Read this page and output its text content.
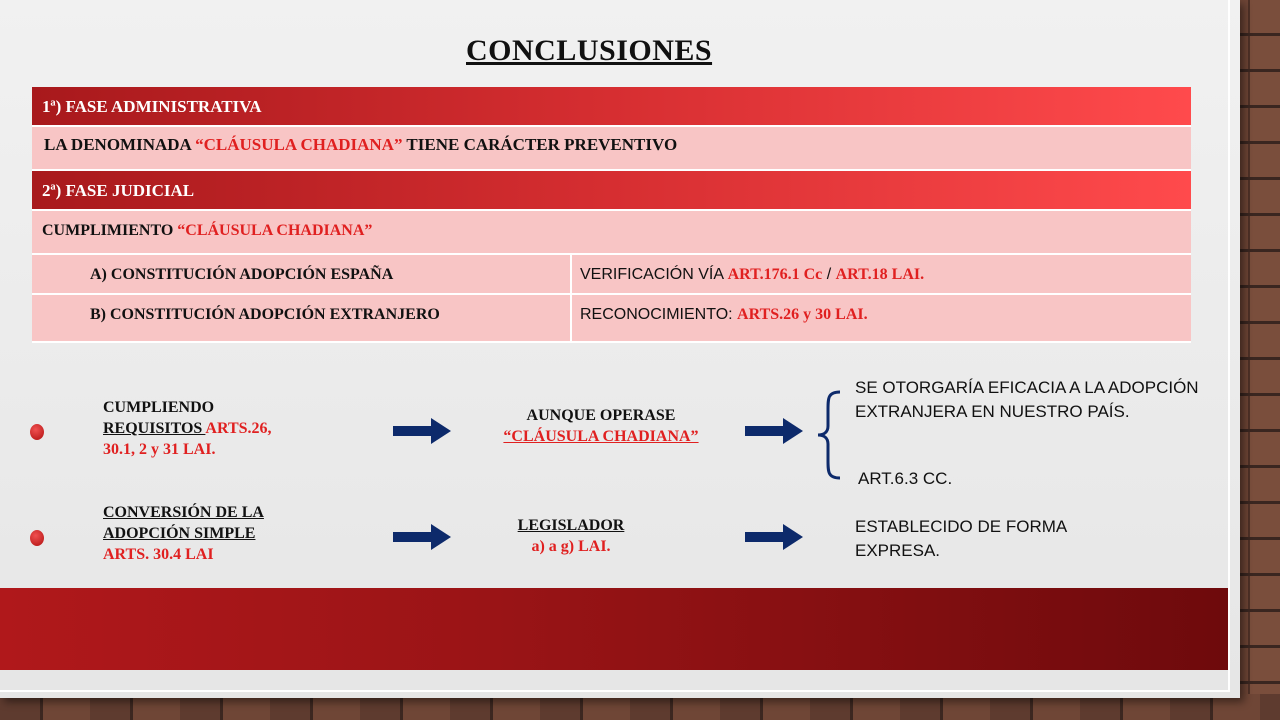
CONCLUSIONES
1ª) FASE ADMINISTRATIVA
LA DENOMINADA “CLÁUSULA CHADIANA” TIENE CARÁCTER PREVENTIVO
2ª) FASE JUDICIAL
CUMPLIMIENTO “CLÁUSULA CHADIANA”
A) CONSTITUCIÓN ADOPCIÓN ESPAÑA	VERIFICACIÓN VÍA ART.176.1 Cc / ART.18 LAI.
B) CONSTITUCIÓN ADOPCIÓN EXTRANJERO	RECONOCIMIENTO: ARTS.26 y 30 LAI.
CUMPLIENDO
REQUISITOS ARTS.26,
30.1, 2 y 31 LAI.
AUNQUE OPERASE
“CLÁUSULA CHADIANA”
SE OTORGARÍA EFICACIA A LA ADOPCIÓN EXTRANJERA EN NUESTRO PAÍS.
ART.6.3 CC.
CONVERSIÓN DE LA
ADOPCIÓN SIMPLE
ARTS. 30.4 LAI
LEGISLADOR
a) a g) LAI.
ESTABLECIDO DE FORMA EXPRESA.
